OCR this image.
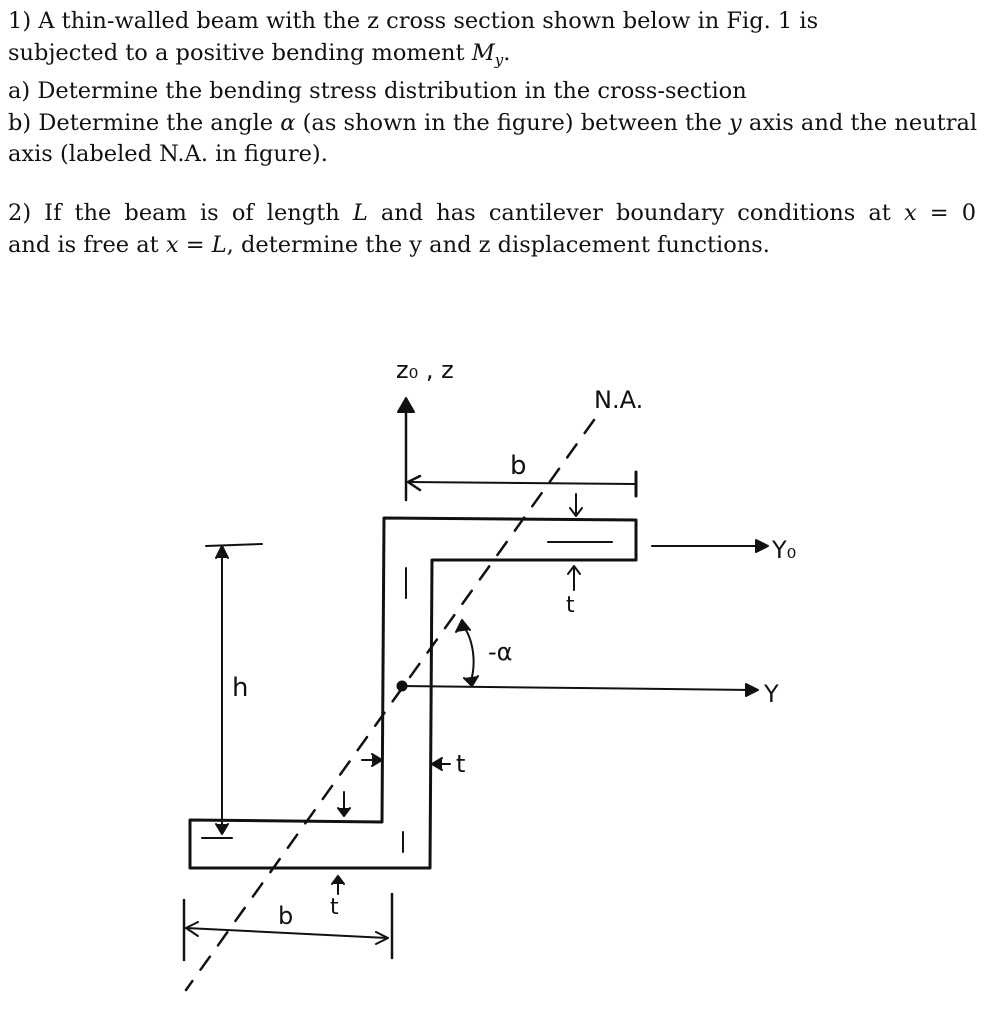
1) A thin-walled beam with the z cross section shown below in Fig. 1 is
subjected to a positive bending moment $M_y$.
a) Determine the bending stress distribution in the cross-section
b) Determine the angle α (as shown in the figure) between the y axis and the neutral
axis (labeled N.A. in figure).
2) If the beam is of length L and has cantilever boundary conditions at x = 0
and is free at x = L, determine the y and z displacement functions.
z₀ , z
b
Y₀
t
N.A.
Y
-α
h
t
t
b
